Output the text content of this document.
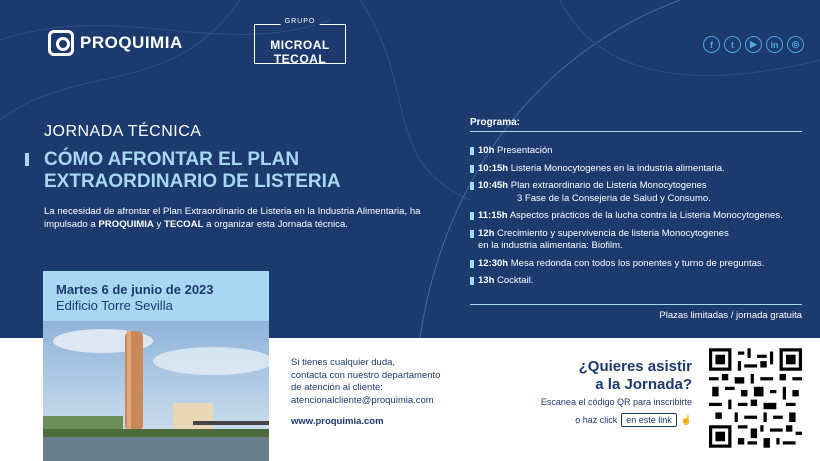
PROQUIMIA
GRUPO
MICROAL TECOAL
f	t	▶	in	◎
JORNADA TÉCNICA
CÓMO AFRONTAR EL PLAN
EXTRAORDINARIO DE LISTERIA
La necesidad de afrontar el Plan Extraordinario de Listeria en la Industria Alimentaria, ha impulsado a PROQUIMIA y TECOAL a organizar esta Jornada técnica.
Programa:
10h Presentación
10:15h Listeria Monocytogenes en la industria alimentaria.
10:45h Plan extraordinario de Listeria Monocytogenes
3 Fase de la Consejeria de Salud y Consumo.
11:15h Aspectos prácticos de la lucha contra la Listeria Monocytogenes.
12h Crecimiento y supervivencia de listeria Monocytogenes
en la industria alimentaria: Biofilm.
12:30h Mesa redonda con todos los ponentes y turno de preguntas.
13h Cocktail.
Plazas limitadas / jornada gratuita
Martes 6 de junio de 2023
Edificio Torre Sevilla
Si tienes cualquier duda,
contacta con nuestro departamento
de atención al cliente:
atencionalcliente@proquimia.com
www.proquimia.com
¿Quieres asistir
a la Jornada?
Escanea el código QR para inscribirte
o haz click	en este link	☝
